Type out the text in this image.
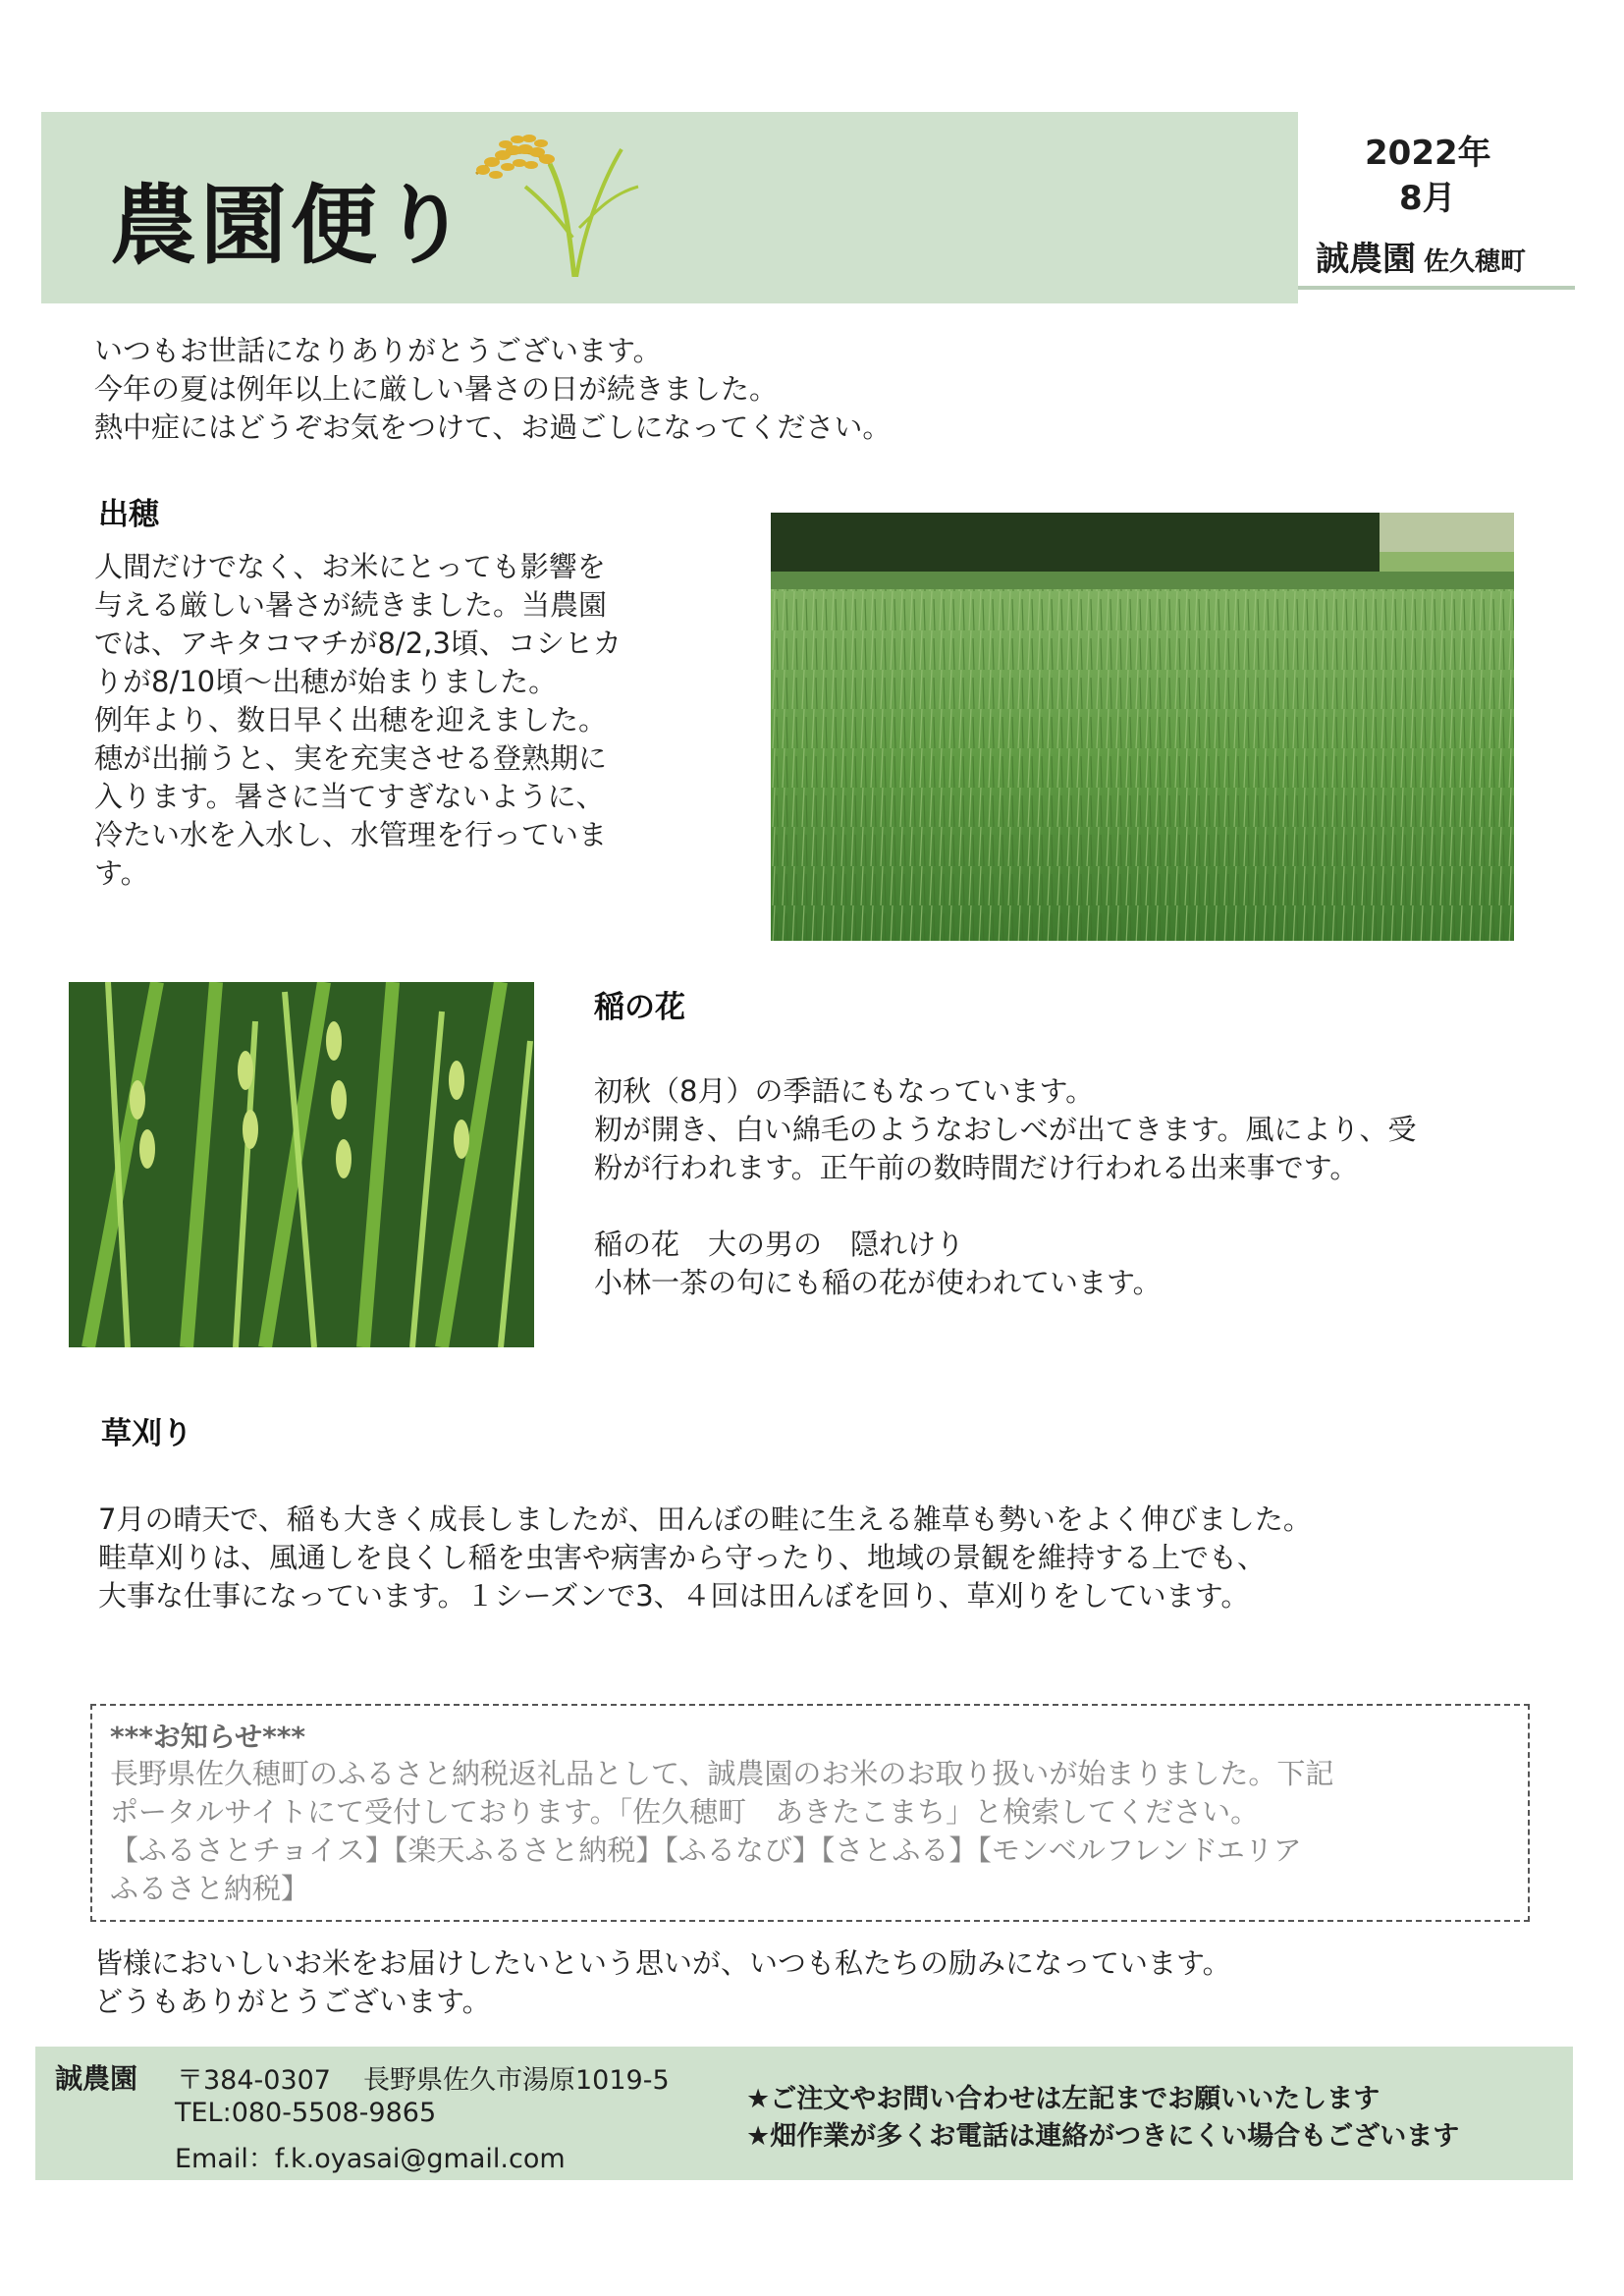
農園便り
2022年
8月
誠農園 佐久穂町
いつもお世話になりありがとうございます。
今年の夏は例年以上に厳しい暑さの日が続きました。
熱中症にはどうぞお気をつけて、お過ごしになってください。
出穂
人間だけでなく、お米にとっても影響を
与える厳しい暑さが続きました。当農園
では、アキタコマチが8/2,3頃、コシヒカ
りが8/10頃～出穂が始まりました。
例年より、数日早く出穂を迎えました。
穂が出揃うと、実を充実させる登熟期に
入ります。暑さに当てすぎないように、
冷たい水を入水し、水管理を行っていま
す。
稲の花
初秋（8月）の季語にもなっています。
籾が開き、白い綿毛のようなおしべが出てきます。風により、受
粉が行われます。正午前の数時間だけ行われる出来事です。

稲の花　大の男の　隠れけり
小林一茶の句にも稲の花が使われています。
草刈り
7月の晴天で、稲も大きく成長しましたが、田んぼの畦に生える雑草も勢いをよく伸びました。
畦草刈りは、風通しを良くし稲を虫害や病害から守ったり、地域の景観を維持する上でも、
大事な仕事になっています。１シーズンで3、４回は田んぼを回り、草刈りをしています。
***お知らせ***
長野県佐久穂町のふるさと納税返礼品として、誠農園のお米のお取り扱いが始まりました。下記
ポータルサイトにて受付しております。「佐久穂町　あきたこまち」と検索してください。
【ふるさとチョイス】【楽天ふるさと納税】【ふるなび】【さとふる】【モンベルフレンドエリア
ふるさと納税】
皆様においしいお米をお届けしたいという思いが、いつも私たちの励みになっています。
どうもありがとうございます。
誠農園 〒384-0307 長野県佐久市湯原1019-5
TEL:080-5508-9865
Email：f.k.oyasai@gmail.com
★ご注文やお問い合わせは左記までお願いいたします
★畑作業が多くお電話は連絡がつきにくい場合もございます
